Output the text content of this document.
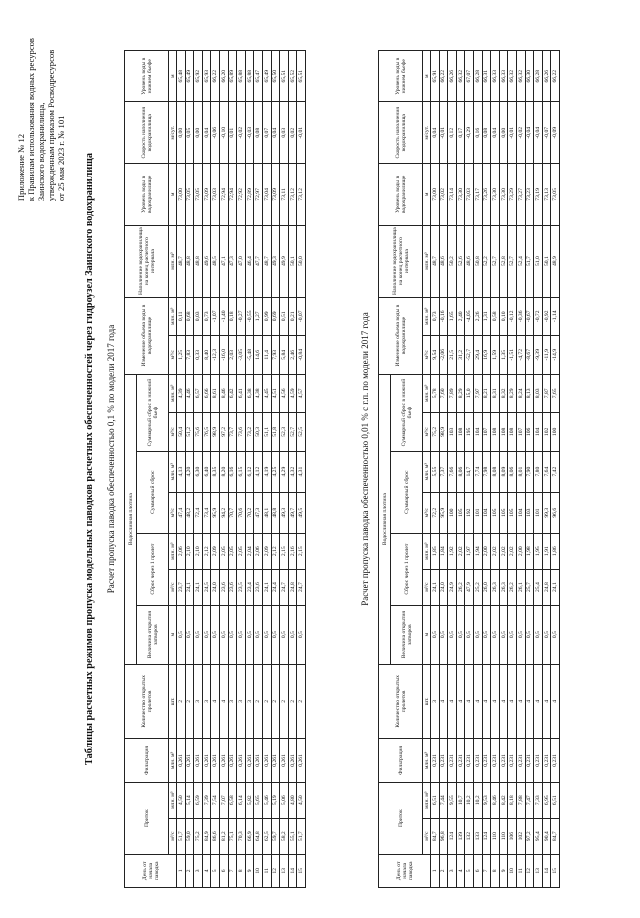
Приложение № 12 к Правилам использования водных ресурсов Заинского водохранилища, утвержденным приказом Росводресурсов от 25 мая 2023 г. № 101 Таблицы расчетных режимов пропуска модельных паводков расчетных обеспеченностей через гидроузел Заинского водохранилища Расчет пропуска паводка обеспеченностью 0,1 % по модели 2017 года
День от начала паводка	Приток		Фильтрация	Количество открытых пролетов	Водосливная плотина							Изменение объема воды в водохранилище		Наполнение водохранилища на конец расчетного интервала	Уровень воды в водохранилище	Скорость наполнения водохранилища	Уровень воды в нижнем бьефе
					Величина открытия затворов	Сброс через 1 пролет		Суммарный сброс		Суммарный сброс в нижний бьеф							
	м³/с	млн. м³	млн. м³	шт.	м	м³/с	млн. м³	м³/с	млн. м³	м³/с	млн. м³	м³/с	млн. м³	млн. м³	м	м/сут.	м
1	51,7	4,50	0,261	2	0,5	23,7	2,06	47,4	4,13	50,4	4,39	1,25	0,11	48,7	73,00	0,00	65,48
2	59,0	5,14	0,261	2	0,5	24,1	2,10	48,2	4,20	51,2	4,46	7,83	0,68	48,8	73,05	0,05	65,49
3	75,2	6,59	0,261	3	0,5	24,1	2,10	72,4	6,30	75,6	6,57	0,33	0,03	48,8	73,05	0,00	65,92
4	84,9	7,39	0,261	3	0,5	24,5	2,12	73,4	6,40	76,5	6,66	8,40	0,73	49,6	73,09	0,04	65,93
5	86,6	7,54	0,261	4	0,5	24,0	2,09	95,9	8,35	98,9	8,61	-12,3	-1,07	48,5	73,03	-0,06	66,22
6	81,2	7,07	0,261	4	0,5	23,6	2,05	94,2	8,20	97,2	8,46	-16,0	-1,40	47,1	72,94	-0,10	66,20
7	75,1	6,58	0,261	3	0,5	23,6	2,05	70,7	6,16	73,7	6,42	2,03	0,18	47,3	72,94	0,01	65,89
8	70,3	6,14	0,261	3	0,5	23,5	2,05	70,6	6,15	73,6	6,41	-3,05	-0,27	47,0	72,92	-0,02	65,88
9	66,9	5,82	0,261	3	0,5	23,4	2,04	70,2	6,12	73,2	6,38	-5,48	-0,55	46,4	72,89	-0,03	65,88
10	64,8	5,65	0,261	2	0,5	23,6	2,06	47,3	4,12	50,3	4,38	14,6	1,27	47,7	72,97	0,08	65,47
11	62,5	5,46	0,261	2	0,5	24,1	2,09	48,1	4,19	51,1	4,45	11,4	0,99	48,7	73,04	0,07	65,49
12	59,7	5,19	0,261	2	0,5	24,4	2,12	48,8	4,25	51,8	4,51	7,93	0,69	49,3	73,09	0,04	65,50
13	58,2	5,06	0,261	2	0,5	24,7	2,15	49,3	4,29	52,3	4,56	5,84	0,51	49,9	73,11	0,03	65,51
14	55,1	4,80	0,261	2	0,5	24,8	2,16	49,7	4,32	52,7	4,59	2,46	0,21	50,1	73,12	0,02	65,52
15	51,7	4,50	0,261	2	0,5	24,7	2,15	49,5	4,31	52,5	4,57	-0,84	-0,07	50,0	73,12	-0,01	65,51
Расчет пропуска паводка обеспеченностью 0,01 % с г.п. по модели 2017 года
День от начала паводка	Приток		Фильтрация	Количество открытых пролетов	Водосливная плотина							Изменение объема воды в водохранилище		Наполнение водохранилища на конец расчетного интервала	Уровень воды в водохранилище	Скорость наполнения водохранилища	Уровень воды в нижнем бьефе
					Величина открытия затворов	Сброс через 1 пролет		Суммарный сброс		Суммарный сброс в нижний бьеф							
	м³/с	млн. м³	млн. м³	шт.	м	м³/с	млн. м³	м³/с	млн. м³	м³/с	млн. м³	м³/с	млн. м³	млн. м³	м	м/сут.	м
1	84,7	6,51	0,231	3	0,5	24,1	1,85	72,2	5,55	75,2	5,78	9,54	0,73	48,7	73,00	0,04	65,91
2	96,8	7,44	0,231	4	0,5	24,0	1,84	95,9	7,37	98,9	7,60	-2,06	-0,16	48,6	73,02	-0,01	66,22
3	124	9,55	0,231	4	0,5	24,9	1,92	100	7,66	103	7,89	21,5	1,65	50,2	73,14	0,12	66,26
4	139	10,7	0,231	4	0,5	26,2	2,02	105	8,06	108	8,29	31,2	2,40	52,6	73,30	0,17	66,32
5	132	10,2	0,231	4	0,5	47,9	1,97	192	14,7	195	15,0	-52,7	-4,05	48,6	73,03	-0,29	67,07
6	133	10,2	0,231	4	0,5	25,2	1,94	101	7,74	104	7,97	29,4	2,26	50,8	73,17	0,16	66,28
7	124	9,53	0,231	4	0,5	26,0	2,00	104	7,98	107	8,21	16,9	1,31	52,2	73,26	0,08	66,31
8	110	8,46	0,231	4	0,5	26,3	2,02	105	8,08	108	8,31	1,59	0,58	52,7	73,30	0,04	66,33
9	110	8,42	0,231	4	0,5	26,3	2,02	105	8,09	108	8,32	1,35	0,10	52,8	73,30	0,00	66,33
10	106	8,18	0,231	4	0,5	26,2	2,02	105	8,06	108	8,29	-1,51	-0,12	52,7	73,29	-0,01	66,32
11	102	7,88	0,231	4	0,5	26,1	2,00	104	8,01	107	8,24	-4,72	-0,36	52,4	73,27	-0,02	66,32
12	97,2	7,47	0,231	4	0,5	25,7	1,98	103	7,90	106	8,13	-8,67	-0,67	51,7	73,23	-0,04	66,30
13	95,4	7,33	0,231	4	0,5	25,4	1,95	101	7,80	104	8,03	-9,39	-0,72	51,0	73,19	-0,04	66,28
14	90,4	6,95	0,231	4	0,5	24,8	1,91	99,3	7,64	102	7,87	-11,9	-0,92	50,1	73,13	-0,07	66,26
15	84,7	6,51	0,231	4	0,5	24,1	1,86	96,6	7,42	100	7,65	-14,9	-1,14	48,9	73,05	-0,09	66,22
